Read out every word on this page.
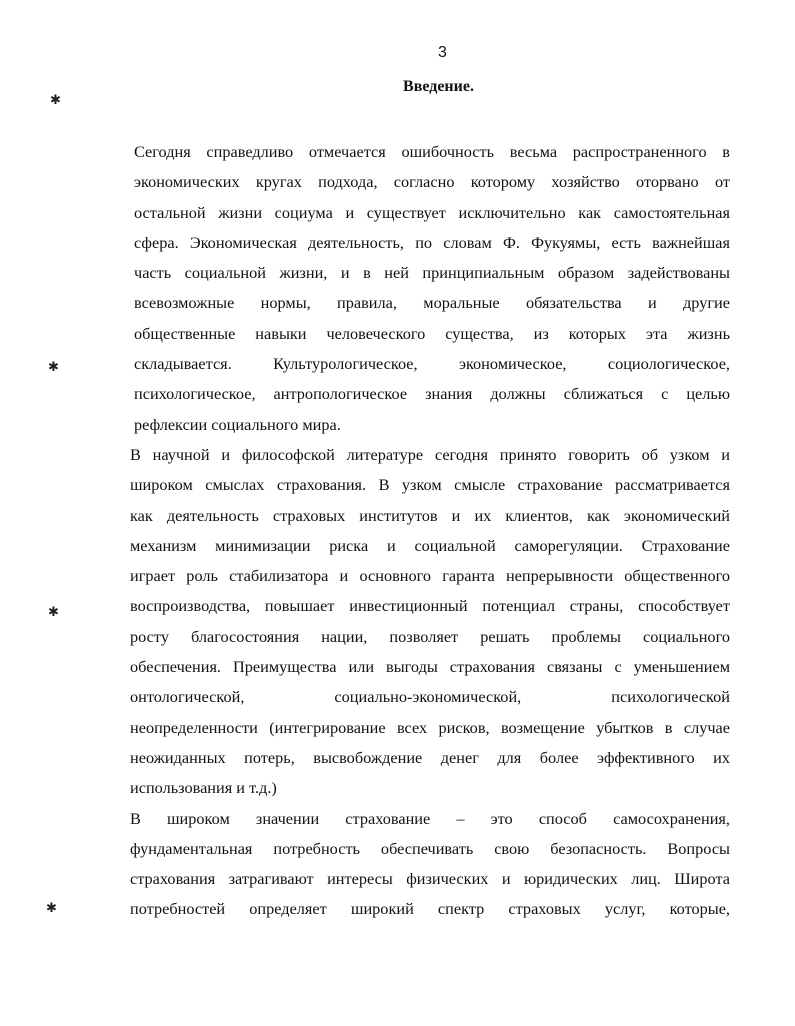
3
Введение.

Сегодня справедливо отмечается ошибочность весьма распространенного в
экономических кругах подхода, согласно которому хозяйство оторвано от
остальной жизни социума и существует исключительно как самостоятельная
сфера. Экономическая деятельность, по словам Ф. Фукуямы, есть важнейшая
часть социальной жизни, и в ней принципиальным образом задействованы
всевозможные нормы, правила, моральные обязательства и другие
общественные навыки человеческого существа, из которых эта жизнь
складывается. Культурологическое, экономическое, социологическое,
психологическое, антропологическое знания должны сближаться с целью
рефлексии социального мира.

В научной и философской литературе сегодня принято говорить об узком и
широком смыслах страхования. В узком смысле страхование рассматривается
как деятельность страховых институтов и их клиентов, как экономический
механизм минимизации риска и социальной саморегуляции. Страхование
играет роль стабилизатора и основного гаранта непрерывности общественного
воспроизводства, повышает инвестиционный потенциал страны, способствует
росту благосостояния нации, позволяет решать проблемы социального
обеспечения. Преимущества или выгоды страхования связаны с уменьшением
онтологической, социально-экономической, психологической
неопределенности (интегрирование всех рисков, возмещение убытков в случае
неожиданных потерь, высвобождение денег для более эффективного их
использования и т.д.)

В широком значении страхование – это способ самосохранения,
фундаментальная потребность обеспечивать свою безопасность. Вопросы
страхования затрагивают интересы физических и юридических лиц. Широта
потребностей определяет широкий спектр страховых услуг, которые,

✱
✱
✱
✱
